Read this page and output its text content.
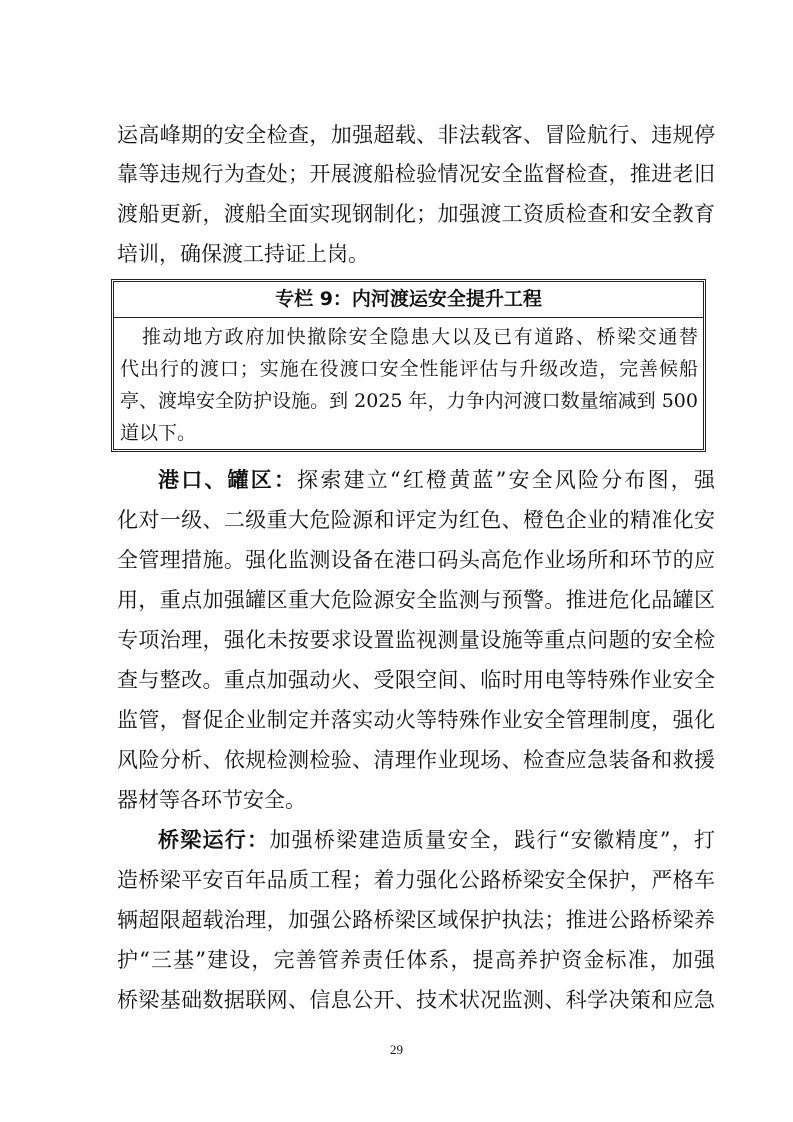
运高峰期的安全检查，加强超载、非法载客、冒险航行、违规停
靠等违规行为查处；开展渡船检验情况安全监督检查，推进老旧
渡船更新，渡船全面实现钢制化；加强渡工资质检查和安全教育
培训，确保渡工持证上岗。
专栏 9：内河渡运安全提升工程
推动地方政府加快撤除安全隐患大以及已有道路、桥梁交通替
代出行的渡口；实施在役渡口安全性能评估与升级改造，完善候船
亭、渡埠安全防护设施。到 2025 年，力争内河渡口数量缩减到 500
道以下。
港口、罐区：探索建立“红橙黄蓝”安全风险分布图，强
化对一级、二级重大危险源和评定为红色、橙色企业的精准化安
全管理措施。强化监测设备在港口码头高危作业场所和环节的应
用，重点加强罐区重大危险源安全监测与预警。推进危化品罐区
专项治理，强化未按要求设置监视测量设施等重点问题的安全检
查与整改。重点加强动火、受限空间、临时用电等特殊作业安全
监管，督促企业制定并落实动火等特殊作业安全管理制度，强化
风险分析、依规检测检验、清理作业现场、检查应急装备和救援
器材等各环节安全。
桥梁运行：加强桥梁建造质量安全，践行“安徽精度”，打
造桥梁平安百年品质工程；着力强化公路桥梁安全保护，严格车
辆超限超载治理，加强公路桥梁区域保护执法；推进公路桥梁养
护“三基”建设，完善管养责任体系，提高养护资金标准，加强
桥梁基础数据联网、信息公开、技术状况监测、科学决策和应急
29
